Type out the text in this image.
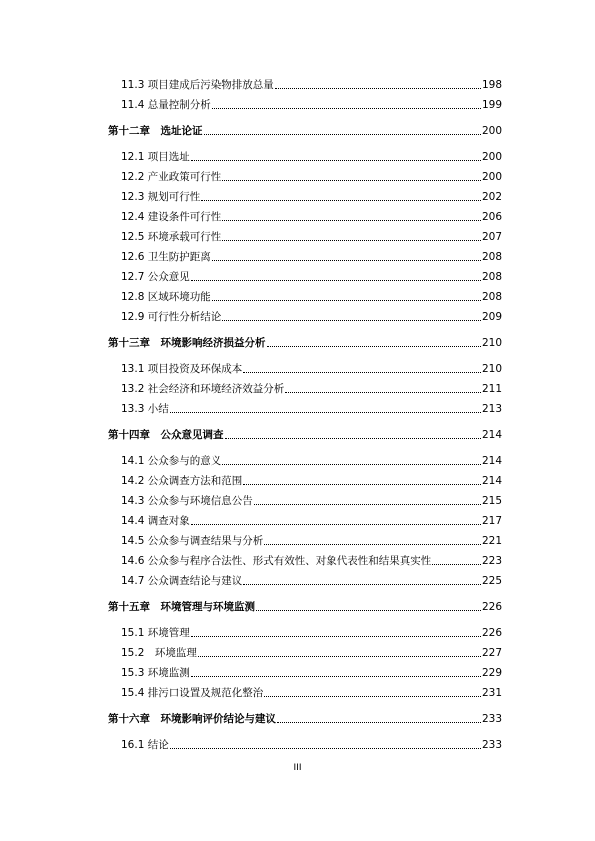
11.3 项目建成后污染物排放总量	198
11.4 总量控制分析	199
第十二章　选址论证	200
12.1 项目选址	200
12.2 产业政策可行性	200
12.3 规划可行性	202
12.4 建设条件可行性	206
12.5 环境承载可行性	207
12.6 卫生防护距离	208
12.7 公众意见	208
12.8 区域环境功能	208
12.9 可行性分析结论	209
第十三章　环境影响经济损益分析	210
13.1 项目投资及环保成本	210
13.2 社会经济和环境经济效益分析	211
13.3 小结	213
第十四章　公众意见调查	214
14.1 公众参与的意义	214
14.2 公众调查方法和范围	214
14.3 公众参与环境信息公告	215
14.4 调查对象	217
14.5 公众参与调查结果与分析	221
14.6 公众参与程序合法性、形式有效性、对象代表性和结果真实性	223
14.7 公众调查结论与建议	225
第十五章　环境管理与环境监测	226
15.1 环境管理	226
15.2　环境监理	227
15.3 环境监测	229
15.4 排污口设置及规范化整治	231
第十六章　环境影响评价结论与建议	233
16.1 结论	233
III
